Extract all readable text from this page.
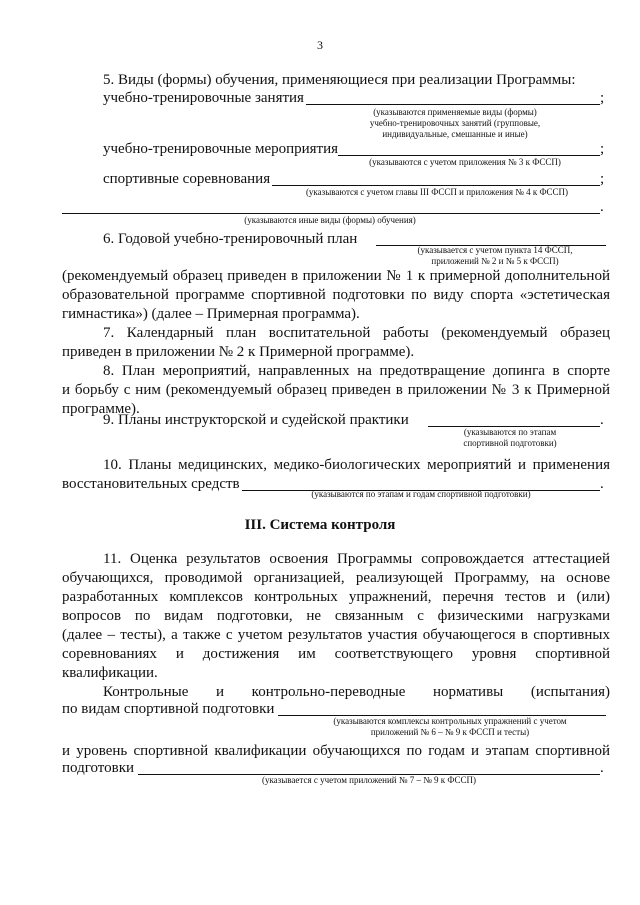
3
5. Виды (формы) обучения, применяющиеся при реализации Программы:
учебно-тренировочные занятия	;
(указываются применяемые виды (формы)
учебно-тренировочных занятий (групповые,
индивидуальные, смешанные и иные)
учебно-тренировочные мероприятия	;
(указываются с учетом приложения № 3 к ФССП)
спортивные соревнования	;
(указываются с учетом главы III ФССП и приложения № 4 к ФССП)
.
(указываются иные виды (формы) обучения)
6. Годовой учебно-тренировочный план
(указывается с учетом пункта 14 ФССП,
приложений № 2 и № 5 к ФССП)
(рекомендуемый образец приведен в приложении № 1 к примерной дополнительной
образовательной программе спортивной подготовки по виду спорта «эстетическая
гимнастика») (далее – Примерная программа).
7. Календарный план воспитательной работы (рекомендуемый образец
приведен в приложении № 2 к Примерной программе).
8. План мероприятий, направленных на предотвращение допинга в спорте
и борьбу с ним (рекомендуемый образец приведен в приложении № 3 к Примерной
программе).
9. Планы инструкторской и судейской практики	.
(указываются по этапам
спортивной подготовки)
10. Планы медицинских, медико-биологических мероприятий и применения
восстановительных средств	.
(указываются по этапам и годам спортивной подготовки)
III. Система контроля
11. Оценка результатов освоения Программы сопровождается аттестацией
обучающихся, проводимой организацией, реализующей Программу, на основе
разработанных комплексов контрольных упражнений, перечня тестов и (или)
вопросов по видам подготовки, не связанным с физическими нагрузками
(далее – тесты), а также с учетом результатов участия обучающегося в спортивных
соревнованиях и достижения им соответствующего уровня спортивной
квалификации.
Контрольные и контрольно-переводные нормативы (испытания)
по видам спортивной подготовки
(указываются комплексы контрольных упражнений с учетом
приложений № 6 – № 9 к ФССП и тесты)
и уровень спортивной квалификации обучающихся по годам и этапам спортивной
подготовки	.
(указывается с учетом приложений № 7 – № 9 к ФССП)
